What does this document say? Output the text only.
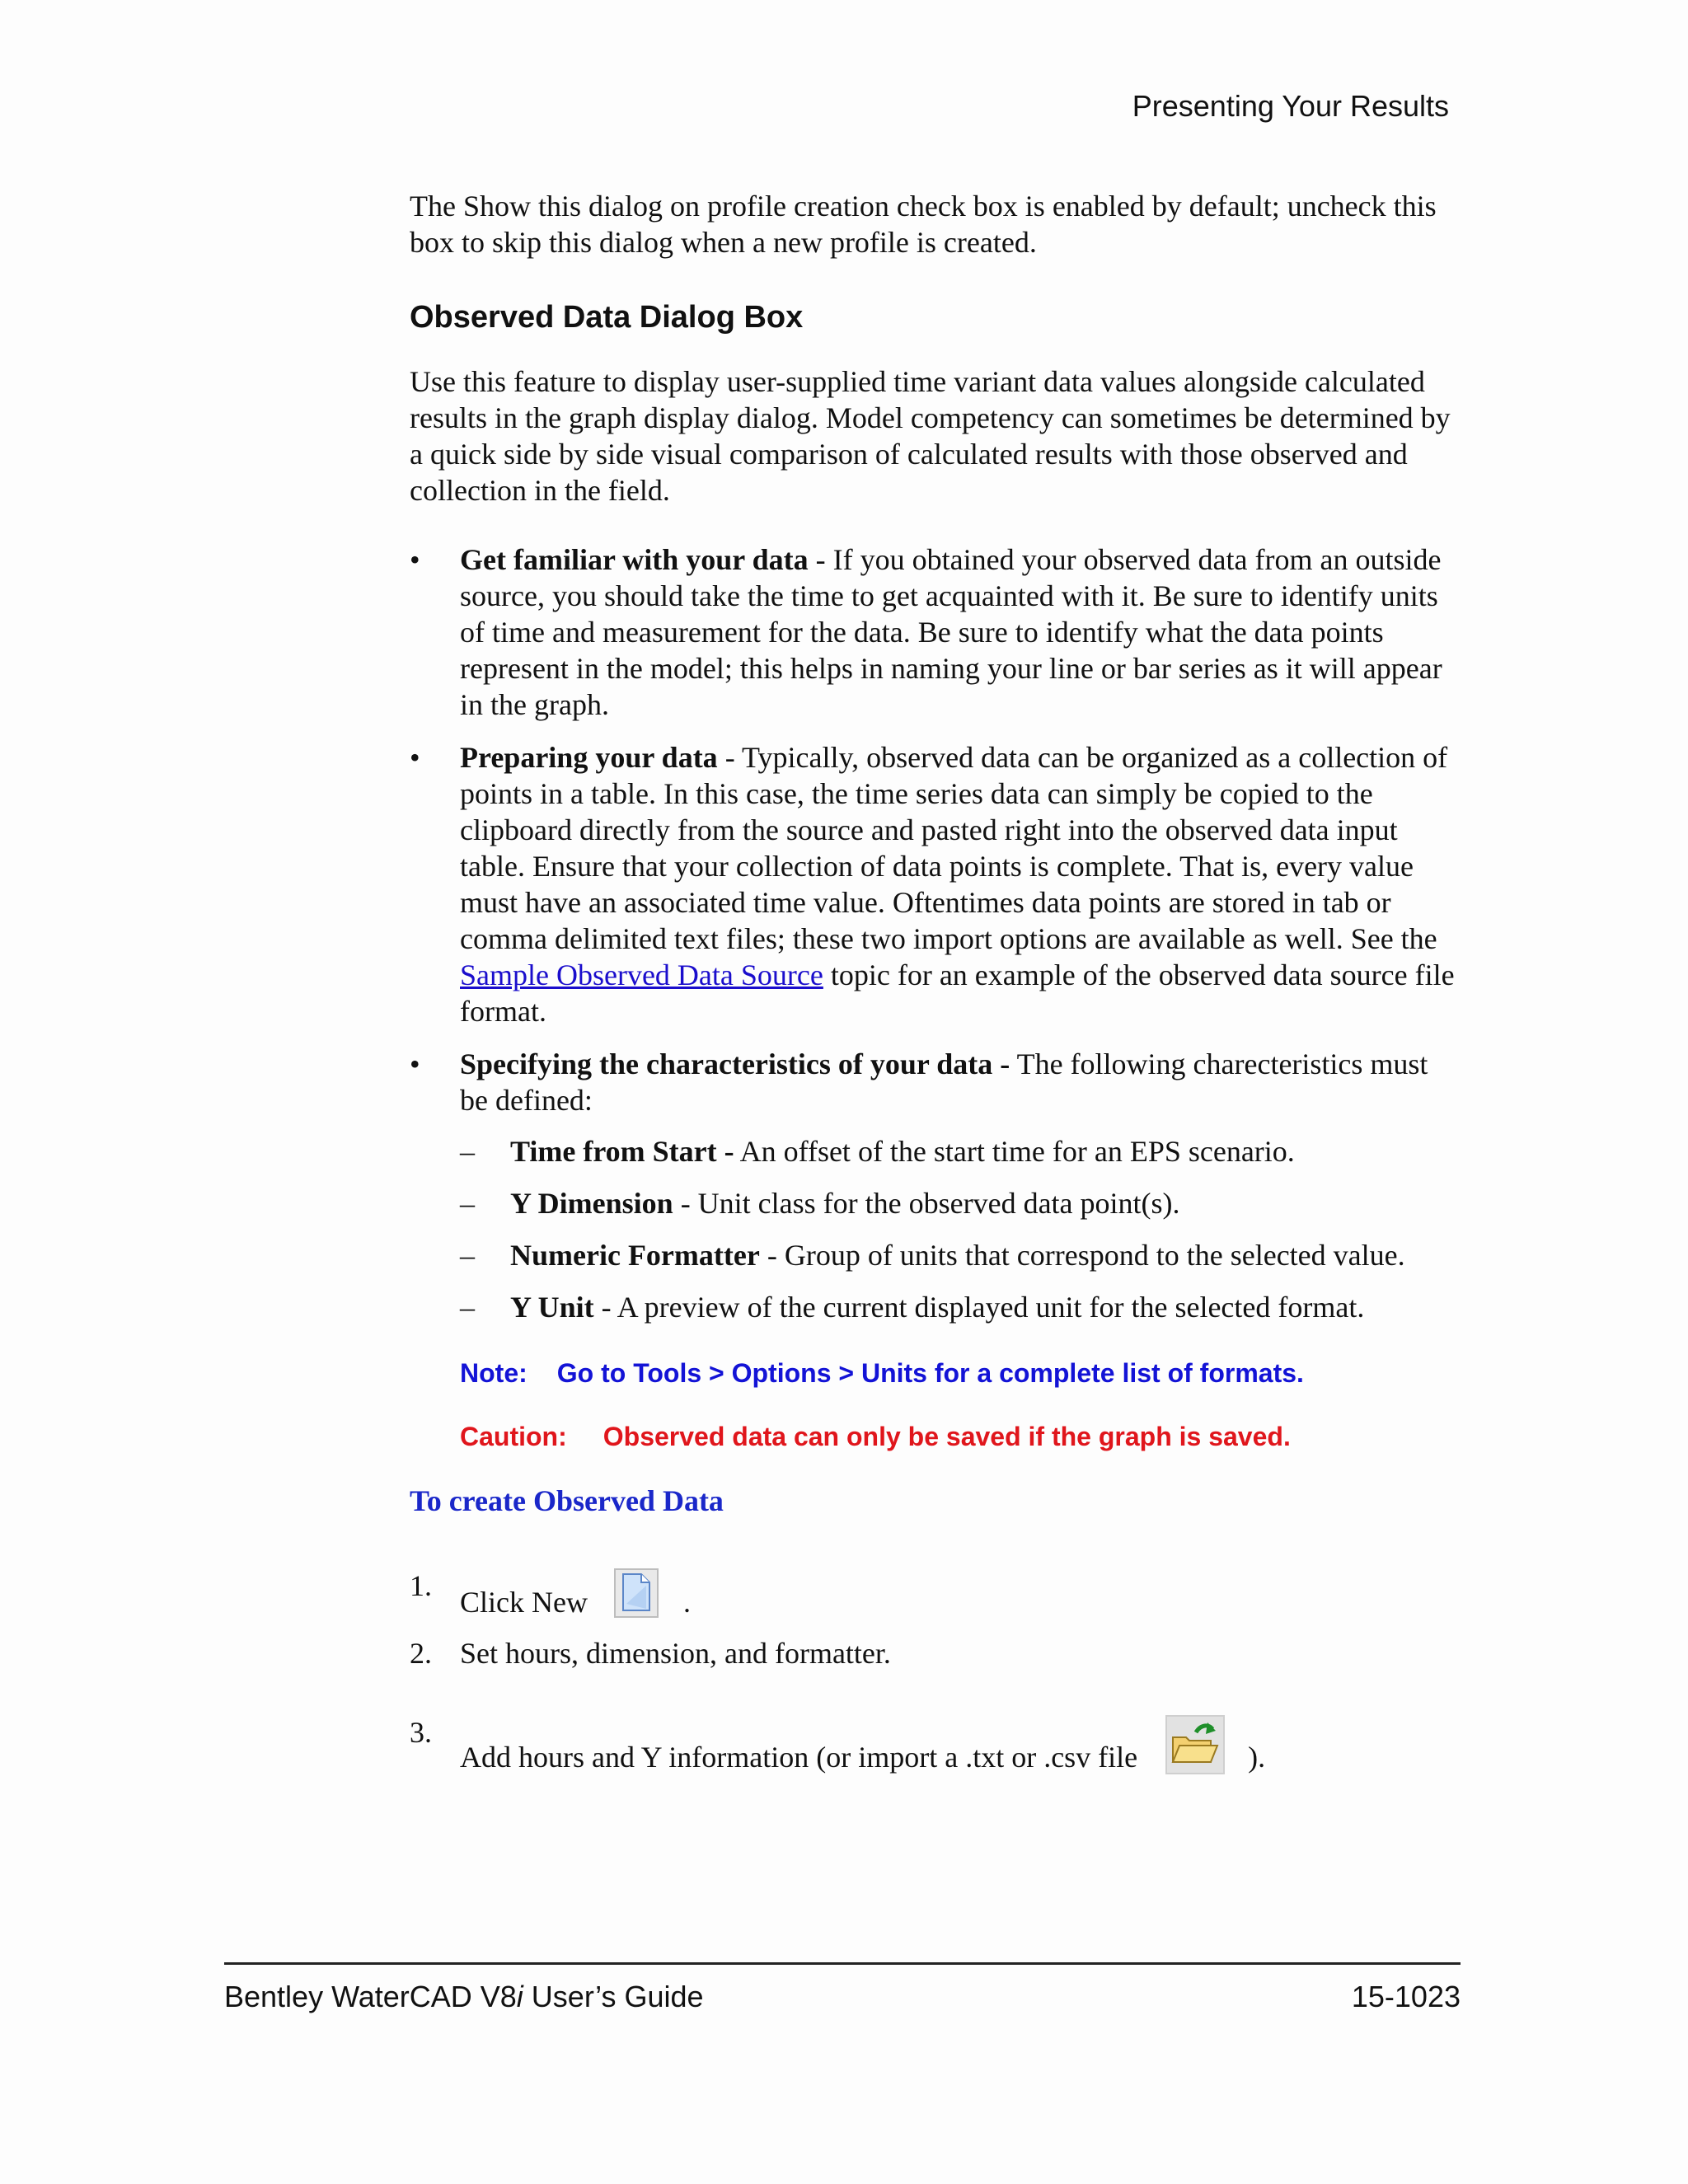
Presenting Your Results

The Show this dialog on profile creation check box is enabled by default; uncheck this box to skip this dialog when a new profile is created.

Observed Data Dialog Box

Use this feature to display user-supplied time variant data values alongside calculated results in the graph display dialog. Model competency can sometimes be determined by a quick side by side visual comparison of calculated results with those observed and collection in the field.

• Get familiar with your data - If you obtained your observed data from an outside source, you should take the time to get acquainted with it. Be sure to identify units of time and measurement for the data. Be sure to identify what the data points represent in the model; this helps in naming your line or bar series as it will appear in the graph.
• Preparing your data - Typically, observed data can be organized as a collection of points in a table. In this case, the time series data can simply be copied to the clipboard directly from the source and pasted right into the observed data input table. Ensure that your collection of data points is complete. That is, every value must have an associated time value. Oftentimes data points are stored in tab or comma delimited text files; these two import options are available as well. See the Sample Observed Data Source topic for an example of the observed data source file format.
• Specifying the characteristics of your data - The following charecteristics must be defined:
– Time from Start - An offset of the start time for an EPS scenario.
– Y Dimension - Unit class for the observed data point(s).
– Numeric Formatter - Group of units that correspond to the selected value.
– Y Unit - A preview of the current displayed unit for the selected format.
Note: Go to Tools > Options > Units for a complete list of formats.
Caution: Observed data can only be saved if the graph is saved.
To create Observed Data
1. Click New	.
2. Set hours, dimension, and formatter.
3.
Add hours and Y information (or import a .txt or .csv file	).
Bentley WaterCAD V8i User’s Guide	15-1023
